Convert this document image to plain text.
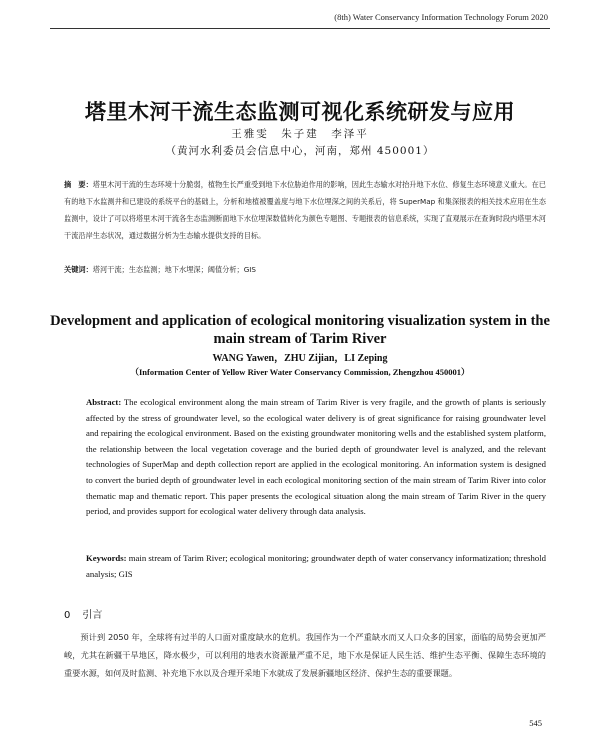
(8th) Water Conservancy Information Technology Forum 2020
塔里木河干流生态监测可视化系统研发与应用
王雅雯　朱子建　李泽平
（黄河水利委员会信息中心，河南，郑州 450001）
摘　要：塔里木河干流的生态环境十分脆弱，植物生长严重受到地下水位胁迫作用的影响，因此生态输水对抬升地下水位、修复生态环境意义重大。在已有的地下水监测井和已建设的系统平台的基础上，分析和地植被覆盖度与地下水位埋深之间的关系后，将 SuperMap 和集深报表的相关技术应用在生态监测中，设计了可以将塔里木河干流各生态监测断面地下水位埋深数值转化为颜色专题图、专题报表的信息系统，实现了直观展示在查询时段内塔里木河干流沿岸生态状况，通过数据分析为生态输水提供支持的目标。
关键词：塔河干流；生态监测；地下水埋深；阈值分析；GIS
Development and application of ecological monitoring visualization system in the main stream of Tarim River
WANG Yawen，ZHU Zijian，LI Zeping
（Information Center of Yellow River Water Conservancy Commission, Zhengzhou 450001）
Abstract: The ecological environment along the main stream of Tarim River is very fragile, and the growth of plants is seriously affected by the stress of groundwater level, so the ecological water delivery is of great significance for raising groundwater level and repairing the ecological environment. Based on the existing groundwater monitoring wells and the established system platform, the relationship between the local vegetation coverage and the buried depth of groundwater level is analyzed, and the relevant technologies of SuperMap and depth collection report are applied in the ecological monitoring. An information system is designed to convert the buried depth of groundwater level in each ecological monitoring section of the main stream of Tarim River into color thematic map and thematic report. This paper presents the ecological situation along the main stream of Tarim River in the query period, and provides support for ecological water delivery through data analysis.
Keywords: main stream of Tarim River; ecological monitoring; groundwater depth of water conservancy informatization; threshold analysis; GIS
0 引言
预计到 2050 年，全球将有过半的人口面对重度缺水的危机。我国作为一个严重缺水而又人口众多的国家，面临的局势会更加严峻，尤其在新疆干旱地区，降水极少，可以利用的地表水资源量严重不足，地下水是保证人民生活、维护生态平衡、保障生态环境的重要水源，如何及时监测、补充地下水以及合理开采地下水就成了发展新疆地区经济、保护生态的重要课题。
545
